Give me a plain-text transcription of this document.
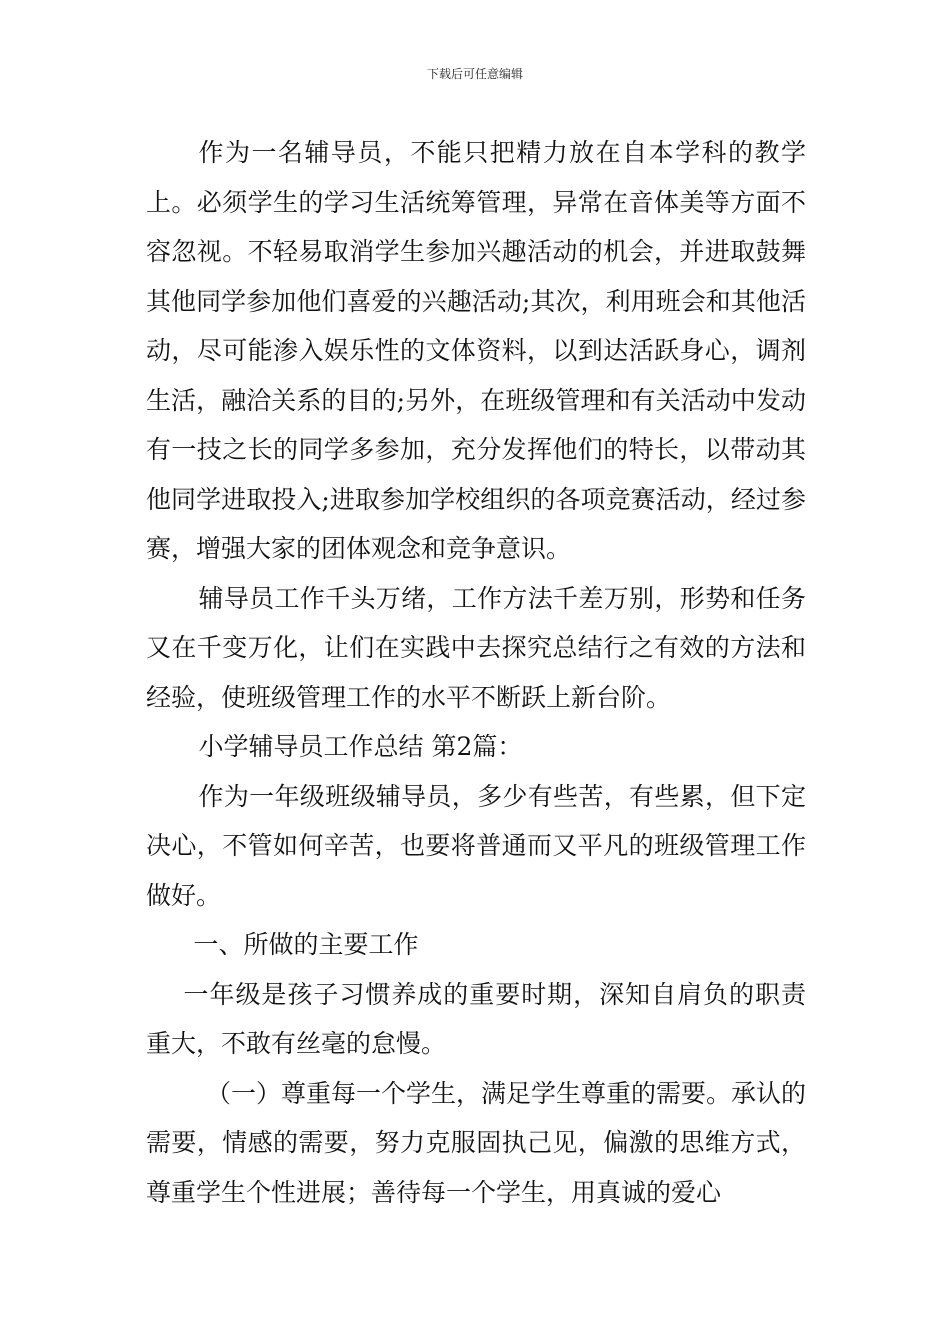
下载后可任意编辑

作为一名辅导员，不能只把精力放在自本学科的教学上。必须学生的学习生活统筹管理，异常在音体美等方面不容忽视。不轻易取消学生参加兴趣活动的机会，并进取鼓舞其他同学参加他们喜爱的兴趣活动;其次，利用班会和其他活动，尽可能渗入娱乐性的文体资料，以到达活跃身心，调剂生活，融洽关系的目的;另外，在班级管理和有关活动中发动有一技之长的同学多参加，充分发挥他们的特长，以带动其他同学进取投入;进取参加学校组织的各项竞赛活动，经过参赛，增强大家的团体观念和竞争意识。

辅导员工作千头万绪，工作方法千差万别，形势和任务又在千变万化，让们在实践中去探究总结行之有效的方法和经验，使班级管理工作的水平不断跃上新台阶。

小学辅导员工作总结 第2篇：

作为一年级班级辅导员，多少有些苦，有些累，但下定决心，不管如何辛苦，也要将普通而又平凡的班级管理工作做好。

一、所做的主要工作

一年级是孩子习惯养成的重要时期，深知自肩负的职责重大，不敢有丝毫的怠慢。

（一）尊重每一个学生，满足学生尊重的需要。承认的需要，情感的需要，努力克服固执己见，偏激的思维方式，尊重学生个性进展；善待每一个学生，用真诚的爱心
